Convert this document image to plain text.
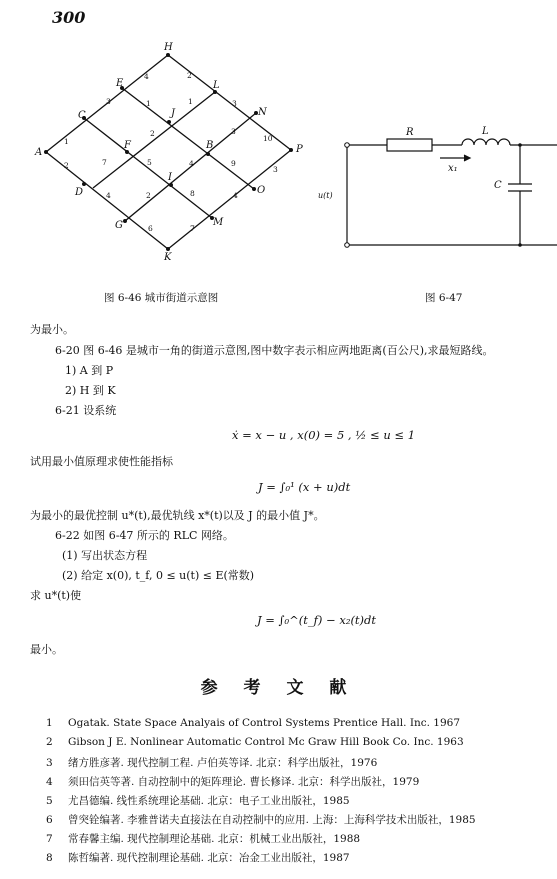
300
H
E	L
C	J	N
A
F	B	P
D
I
O
G	M
K
4	2
3	1	1	3
1
2	3
10
2	7	5	4	9
3
4	2	8	4
6	7
R	L
x₁
C
u(t)
图 6-46 城市街道示意图	图 6-47
为最小。
6-20 图 6-46 是城市一角的街道示意图,图中数字表示相应两地距离(百公尺),求最短路线。
1) A 到 P
2) H 到 K
6-21 设系统
ẋ = x − u , x(0) = 5 , ½ ≤ u ≤ 1
试用最小值原理求使性能指标
J = ∫₀¹ (x + u)dt
为最小的最优控制 u*(t),最优轨线 x*(t)以及 J 的最小值 J*。
6-22 如图 6-47 所示的 RLC 网络。
(1) 写出状态方程
(2) 给定 x(0), t_f, 0 ≤ u(t) ≤ E(常数)
求 u*(t)使
J = ∫₀^(t_f) − x₂(t)dt
最小。
参 考 文 献
1 Ogatak. State Space Analyais of Control Systems Prentice Hall. Inc. 1967
2 Gibson J E. Nonlinear Automatic Control Mc Graw Hill Book Co. Inc. 1963
3 绪方胜彦著. 现代控制工程. 卢伯英等译. 北京：科学出版社，1976
4 须田信英等著. 自动控制中的矩阵理论. 曹长修译. 北京：科学出版社，1979
5 尤昌德编. 线性系统理论基础. 北京：电子工业出版社，1985
6 曾突铨编著. 李雅普诺夫直接法在自动控制中的应用. 上海：上海科学技术出版社，1985
7 常春馨主编. 现代控制理论基础. 北京：机械工业出版社，1988
8 陈哲编著. 现代控制理论基础. 北京：冶金工业出版社，1987
